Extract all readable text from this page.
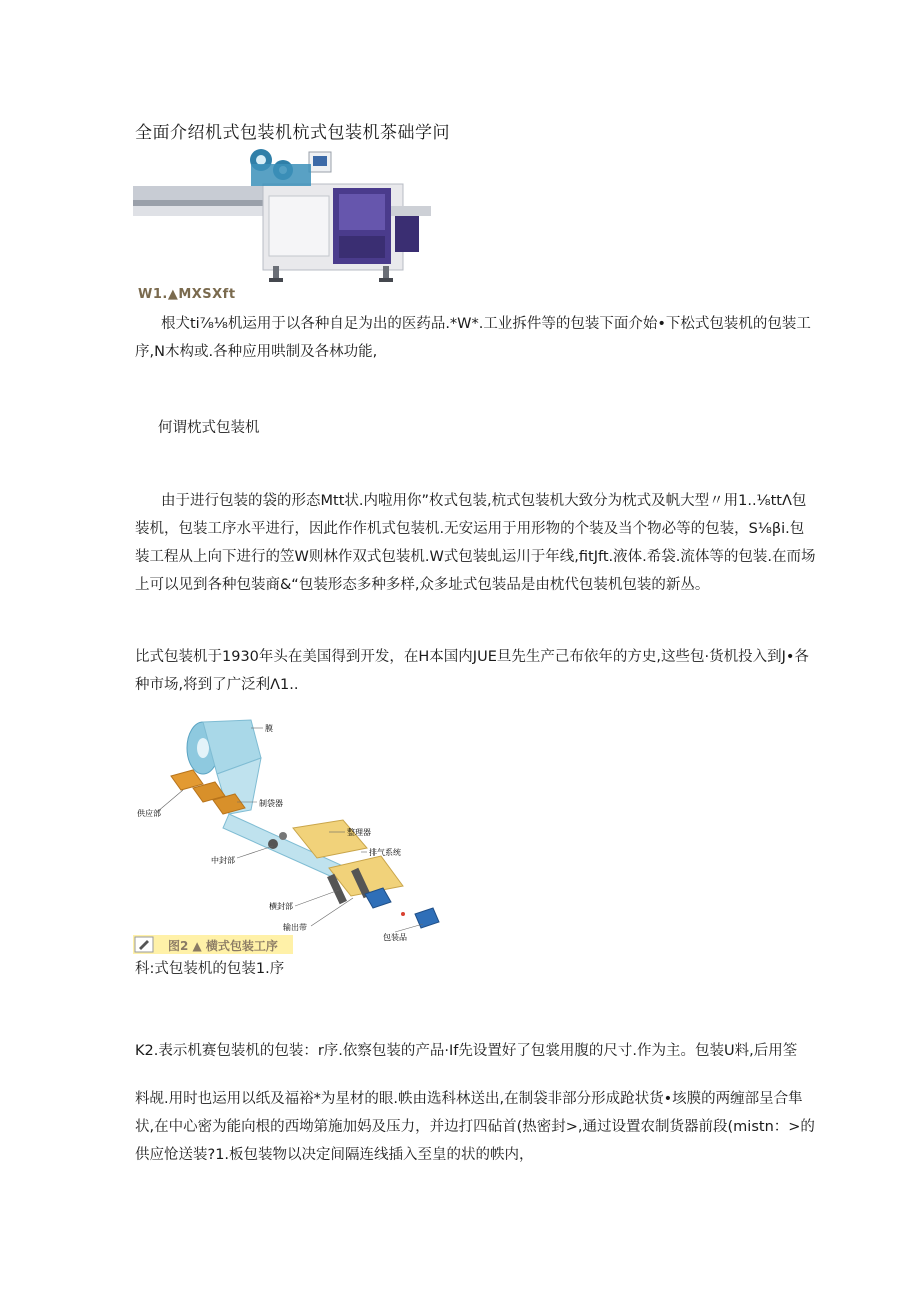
全面介绍机式包装机杭式包装机茶础学问
W1.▲MXSXft
根犬ti⅞⅛机运用于以各种自足为出的医药品.*W*.工业拆件等的包装下面介始•下松式包装机的包装工
序,N木构或.各种应用哄制及各林功能,
何谓枕式包装机
由于进行包装的袋的形态Mtt状.内啦用你”枚式包装,杭式包装机大致分为枕式及帆大型〃用1..⅛ttΛ包
装机，包装工序水平进行，因此作作机式包装机.无安运用于用形物的个装及当个物必等的包装，S⅛βi.包
装工程从上向下进行的笠W则林作双式包装机.W式包装虬运川于年线,fitJft.液体.希袋.流体等的包装.在而场
上可以见到各种包装商&“包装形态多种多样,众多址式包装品是由枕代包装机包装的新丛。
比式包装机于1930年头在美国得到开发，在H本国内JUE旦先生产己布依年的方史,这些包·货机投入到J•各
种市场,将到了广泛利Λ1..
膜
制袋器
供应部
整理器
中封部
排气系统
横封部
输出带
包装品
图2 ▲ 横式包装工序
科:式包装机的包装1.序
K2.表示机赛包装机的包装：r序.依察包装的产品·If先设置好了包裳用腹的尺寸.作为主。包装U料,后用筌
料觇.用时也运用以纸及福裕*为星材的眼.帙由选科林送出,在制袋非部分形成跄状货•垓膜的两缠部呈合隼
状,在中心密为能向根的西坳第施加妈及压力，并边打四砧首(热密封>,通过设置农制货器前段(mistn：>的
供应怆送装?1.板包装物以决定间隔连线插入至皇的状的帙内，
